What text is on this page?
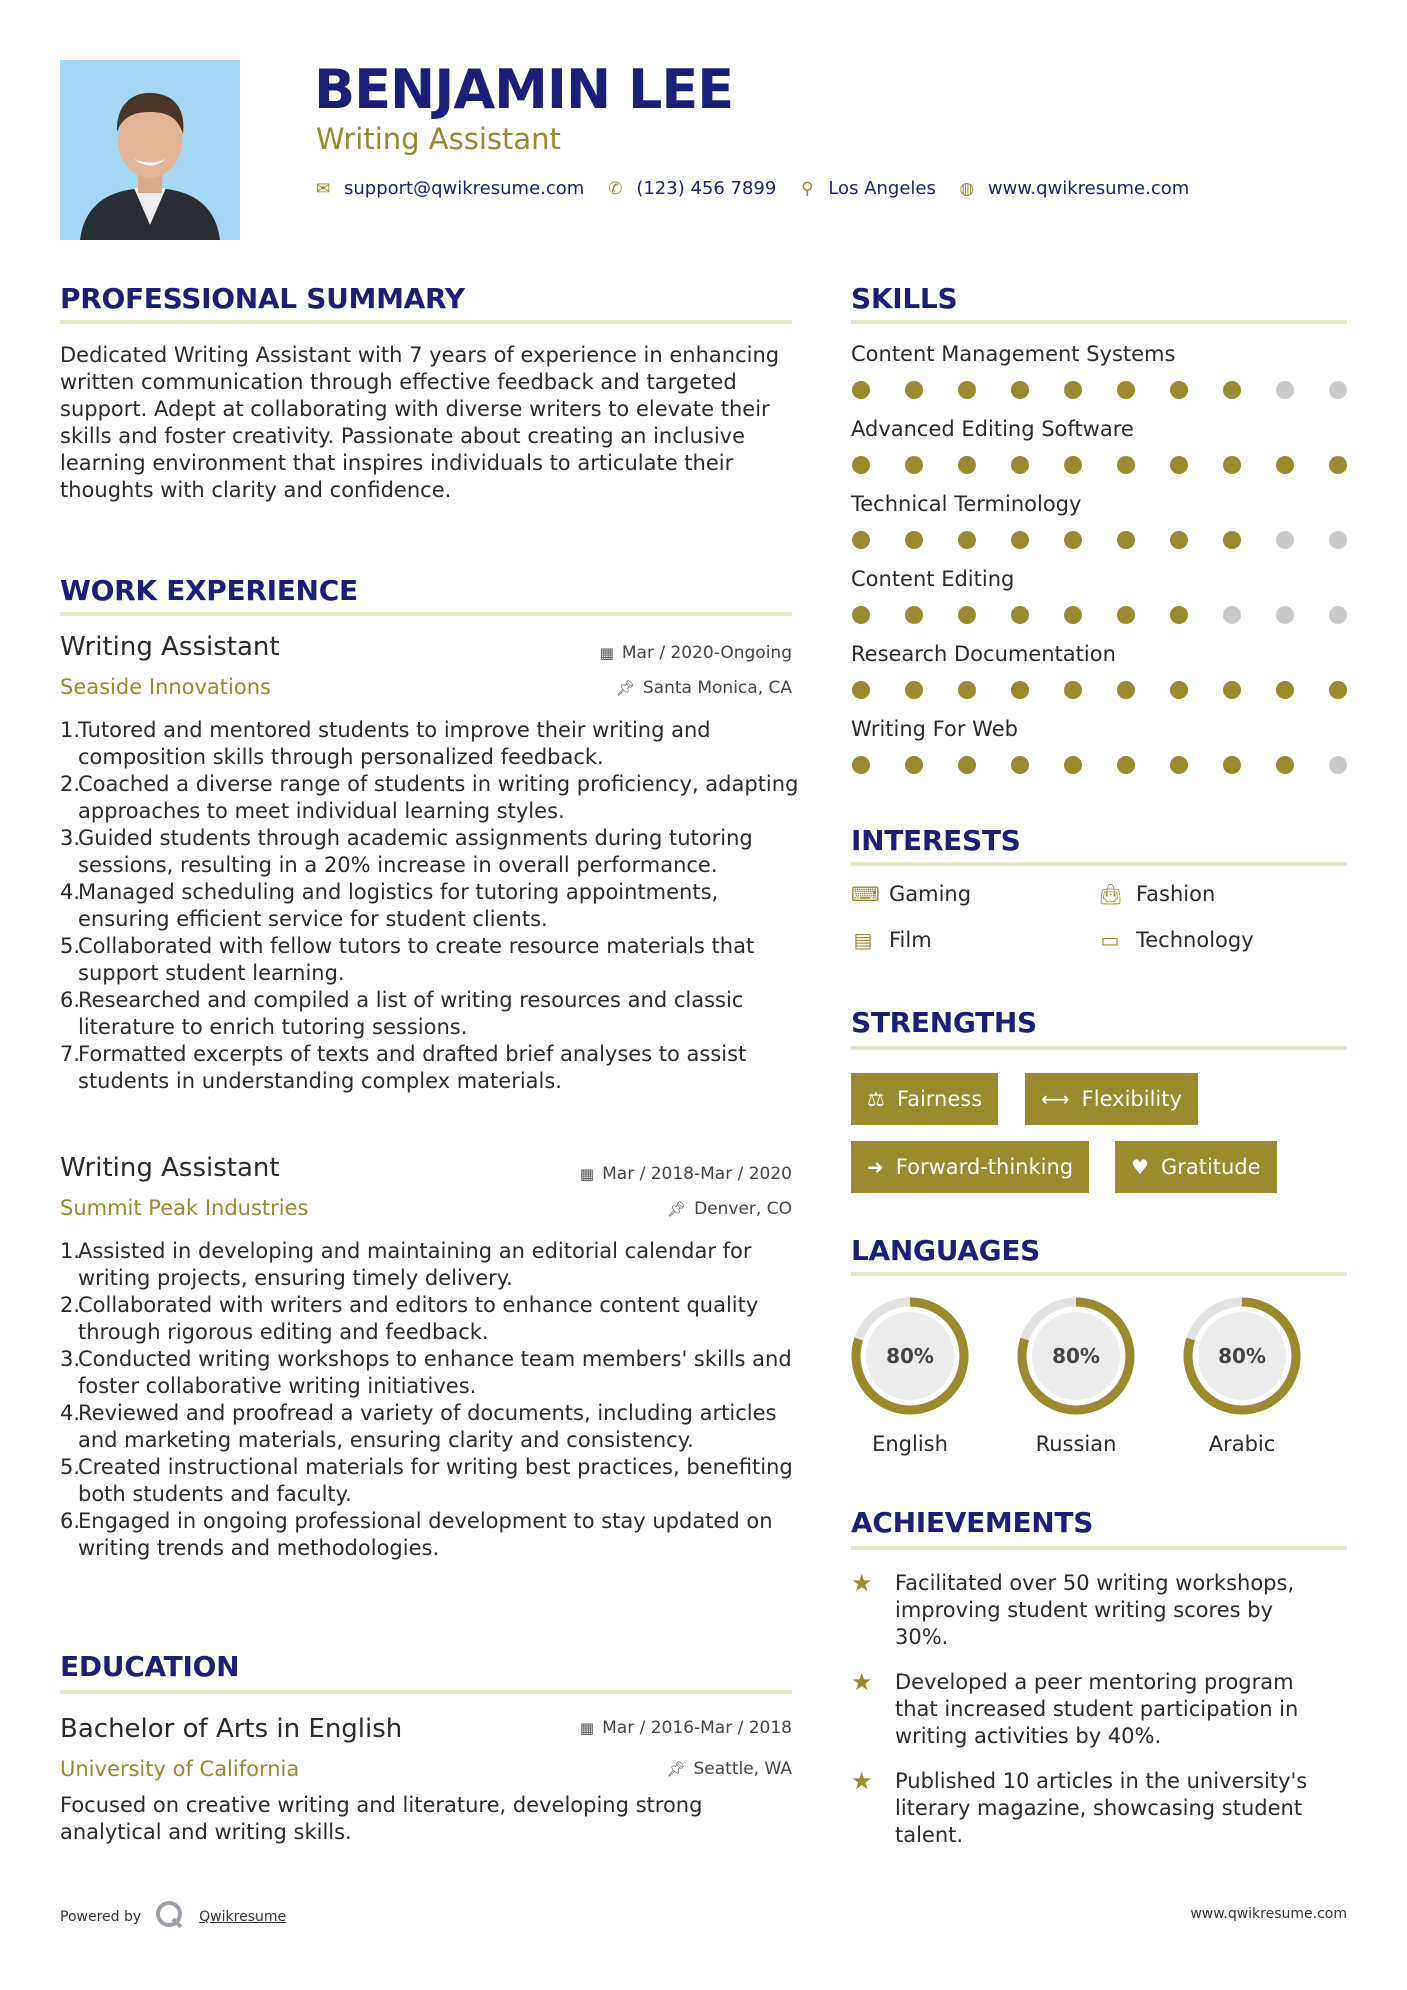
BENJAMIN LEE
Writing Assistant
✉ support@qwikresume.com ✆ (123) 456 7899 ⚲ Los Angeles ◍ www.qwikresume.com
PROFESSIONAL SUMMARY
Dedicated Writing Assistant with 7 years of experience in enhancing written communication through effective feedback and targeted support. Adept at collaborating with diverse writers to elevate their skills and foster creativity. Passionate about creating an inclusive learning environment that inspires individuals to articulate their thoughts with clarity and confidence.
WORK EXPERIENCE
Writing Assistant	▦ Mar / 2020-Ongoing
Seaside Innovations	📌︎ Santa Monica, CA
Tutored and mentored students to improve their writing and composition skills through personalized feedback.
Coached a diverse range of students in writing proficiency, adapting approaches to meet individual learning styles.
Guided students through academic assignments during tutoring sessions, resulting in a 20% increase in overall performance.
Managed scheduling and logistics for tutoring appointments, ensuring efficient service for student clients.
Collaborated with fellow tutors to create resource materials that support student learning.
Researched and compiled a list of writing resources and classic literature to enrich tutoring sessions.
Formatted excerpts of texts and drafted brief analyses to assist students in understanding complex materials.
Writing Assistant	▦ Mar / 2018-Mar / 2020
Summit Peak Industries	📌︎ Denver, CO
Assisted in developing and maintaining an editorial calendar for writing projects, ensuring timely delivery.
Collaborated with writers and editors to enhance content quality through rigorous editing and feedback.
Conducted writing workshops to enhance team members' skills and foster collaborative writing initiatives.
Reviewed and proofread a variety of documents, including articles and marketing materials, ensuring clarity and consistency.
Created instructional materials for writing best practices, benefiting both students and faculty.
Engaged in ongoing professional development to stay updated on writing trends and methodologies.
EDUCATION
Bachelor of Arts in English	▦ Mar / 2016-Mar / 2018
University of California	📌︎ Seattle, WA
Focused on creative writing and literature, developing strong analytical and writing skills.
SKILLS
Content Management Systems
Advanced Editing Software
Technical Terminology
Content Editing
Research Documentation
Writing For Web
INTERESTS
⌨︎ Gaming	👜︎ Fashion
▤ Film	▭ Technology
STRENGTHS
⚖ Fairness	⟷ Flexibility
➜ Forward-thinking	♥ Gratitude
LANGUAGES
80%
English
80%
Russian
80%
Arabic
ACHIEVEMENTS
★	Facilitated over 50 writing workshops, improving student writing scores by 30%.
★	Developed a peer mentoring program that increased student participation in writing activities by 40%.
★	Published 10 articles in the university's literary magazine, showcasing student talent.
Powered by	Qwikresume	www.qwikresume.com
